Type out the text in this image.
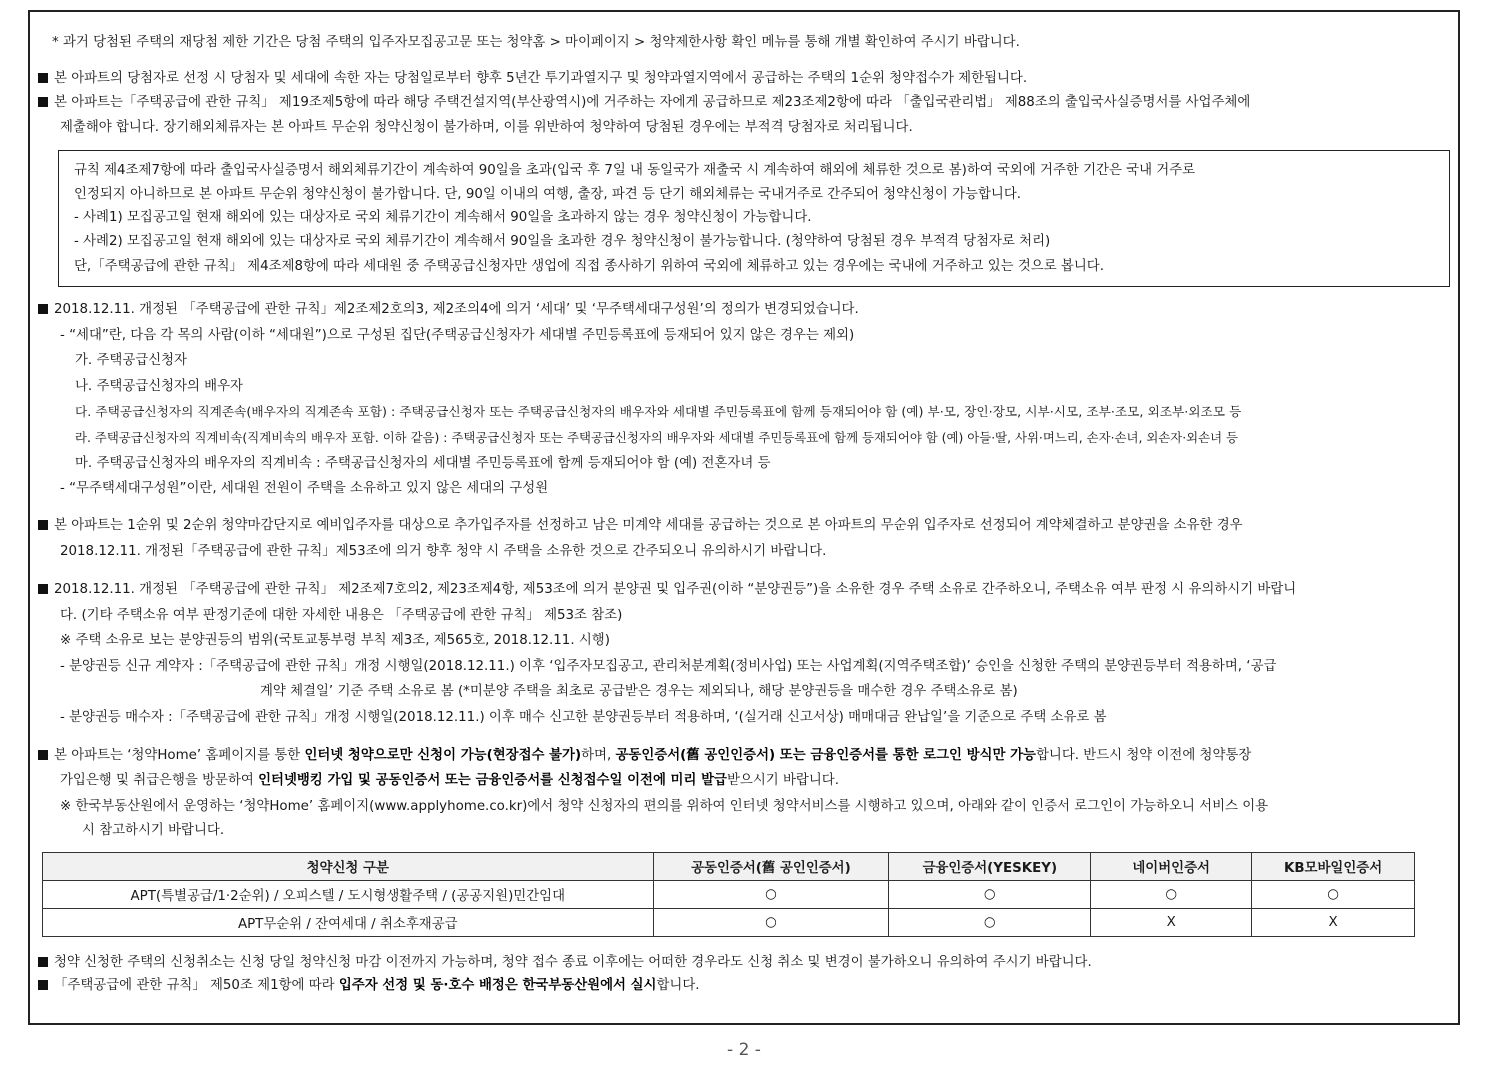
* 과거 당첨된 주택의 재당첨 제한 기간은 당첨 주택의 입주자모집공고문 또는 청약홈 > 마이페이지 > 청약제한사항 확인 메뉴를 통해 개별 확인하여 주시기 바랍니다.
본 아파트의 당첨자로 선정 시 당첨자 및 세대에 속한 자는 당첨일로부터 향후 5년간 투기과열지구 및 청약과열지역에서 공급하는 주택의 1순위 청약접수가 제한됩니다.
본 아파트는「주택공급에 관한 규칙」 제19조제5항에 따라 해당 주택건설지역(부산광역시)에 거주하는 자에게 공급하므로 제23조제2항에 따라 「출입국관리법」 제88조의 출입국사실증명서를 사업주체에
제출해야 합니다. 장기해외체류자는 본 아파트 무순위 청약신청이 불가하며, 이를 위반하여 청약하여 당첨된 경우에는 부적격 당첨자로 처리됩니다.
규칙 제4조제7항에 따라 출입국사실증명서 해외체류기간이 계속하여 90일을 초과(입국 후 7일 내 동일국가 재출국 시 계속하여 해외에 체류한 것으로 봄)하여 국외에 거주한 기간은 국내 거주로
인정되지 아니하므로 본 아파트 무순위 청약신청이 불가합니다. 단, 90일 이내의 여행, 출장, 파견 등 단기 해외체류는 국내거주로 간주되어 청약신청이 가능합니다.
- 사례1) 모집공고일 현재 해외에 있는 대상자로 국외 체류기간이 계속해서 90일을 초과하지 않는 경우 청약신청이 가능합니다.
- 사례2) 모집공고일 현재 해외에 있는 대상자로 국외 체류기간이 계속해서 90일을 초과한 경우 청약신청이 불가능합니다. (청약하여 당첨된 경우 부적격 당첨자로 처리)
단,「주택공급에 관한 규칙」 제4조제8항에 따라 세대원 중 주택공급신청자만 생업에 직접 종사하기 위하여 국외에 체류하고 있는 경우에는 국내에 거주하고 있는 것으로 봅니다.
2018.12.11. 개정된 「주택공급에 관한 규칙」제2조제2호의3, 제2조의4에 의거 ‘세대’ 및 ‘무주택세대구성원’의 정의가 변경되었습니다.
- “세대”란, 다음 각 목의 사람(이하 “세대원”)으로 구성된 집단(주택공급신청자가 세대별 주민등록표에 등재되어 있지 않은 경우는 제외)
가. 주택공급신청자
나. 주택공급신청자의 배우자
다. 주택공급신청자의 직계존속(배우자의 직계존속 포함) : 주택공급신청자 또는 주택공급신청자의 배우자와 세대별 주민등록표에 함께 등재되어야 함 (예) 부·모, 장인·장모, 시부·시모, 조부·조모, 외조부·외조모 등
라. 주택공급신청자의 직계비속(직계비속의 배우자 포함. 이하 같음) : 주택공급신청자 또는 주택공급신청자의 배우자와 세대별 주민등록표에 함께 등재되어야 함 (예) 아들·딸, 사위·며느리, 손자·손녀, 외손자·외손녀 등
마. 주택공급신청자의 배우자의 직계비속 : 주택공급신청자의 세대별 주민등록표에 함께 등재되어야 함 (예) 전혼자녀 등
- “무주택세대구성원”이란, 세대원 전원이 주택을 소유하고 있지 않은 세대의 구성원
본 아파트는 1순위 및 2순위 청약마감단지로 예비입주자를 대상으로 추가입주자를 선정하고 남은 미계약 세대를 공급하는 것으로 본 아파트의 무순위 입주자로 선정되어 계약체결하고 분양권을 소유한 경우
2018.12.11. 개정된「주택공급에 관한 규칙」제53조에 의거 향후 청약 시 주택을 소유한 것으로 간주되오니 유의하시기 바랍니다.
2018.12.11. 개정된 「주택공급에 관한 규칙」 제2조제7호의2, 제23조제4항, 제53조에 의거 분양권 및 입주권(이하 “분양권등”)을 소유한 경우 주택 소유로 간주하오니, 주택소유 여부 판정 시 유의하시기 바랍니
다. (기타 주택소유 여부 판정기준에 대한 자세한 내용은 「주택공급에 관한 규칙」 제53조 참조)
※ 주택 소유로 보는 분양권등의 범위(국토교통부령 부칙 제3조, 제565호, 2018.12.11. 시행)
- 분양권등 신규 계약자 :「주택공급에 관한 규칙」개정 시행일(2018.12.11.) 이후 ‘입주자모집공고, 관리처분계획(정비사업) 또는 사업계획(지역주택조합)’ 승인을 신청한 주택의 분양권등부터 적용하며, ‘공급
계약 체결일’ 기준 주택 소유로 봄 (*미분양 주택을 최초로 공급받은 경우는 제외되나, 해당 분양권등을 매수한 경우 주택소유로 봄)
- 분양권등 매수자 :「주택공급에 관한 규칙」개정 시행일(2018.12.11.) 이후 매수 신고한 분양권등부터 적용하며, ‘(실거래 신고서상) 매매대금 완납일’을 기준으로 주택 소유로 봄
본 아파트는 ‘청약Home’ 홈페이지를 통한 인터넷 청약으로만 신청이 가능(현장접수 불가)하며, 공동인증서(舊 공인인증서) 또는 금융인증서를 통한 로그인 방식만 가능합니다. 반드시 청약 이전에 청약통장
가입은행 및 취급은행을 방문하여 인터넷뱅킹 가입 및 공동인증서 또는 금융인증서를 신청접수일 이전에 미리 발급받으시기 바랍니다.
※ 한국부동산원에서 운영하는 ‘청약Home’ 홈페이지(www.applyhome.co.kr)에서 청약 신청자의 편의를 위하여 인터넷 청약서비스를 시행하고 있으며, 아래와 같이 인증서 로그인이 가능하오니 서비스 이용
시 참고하시기 바랍니다.
청약신청 구분	공동인증서(舊 공인인증서)	금융인증서(YESKEY)	네이버인증서	KB모바일인증서
APT(특별공급/1·2순위) / 오피스텔 / 도시형생활주택 / (공공지원)민간임대	○	○	○	○
APT무순위 / 잔여세대 / 취소후재공급	○	○	X	X
청약 신청한 주택의 신청취소는 신청 당일 청약신청 마감 이전까지 가능하며, 청약 접수 종료 이후에는 어떠한 경우라도 신청 취소 및 변경이 불가하오니 유의하여 주시기 바랍니다.
「주택공급에 관한 규칙」 제50조 제1항에 따라 입주자 선정 및 동·호수 배정은 한국부동산원에서 실시합니다.
- 2 -
